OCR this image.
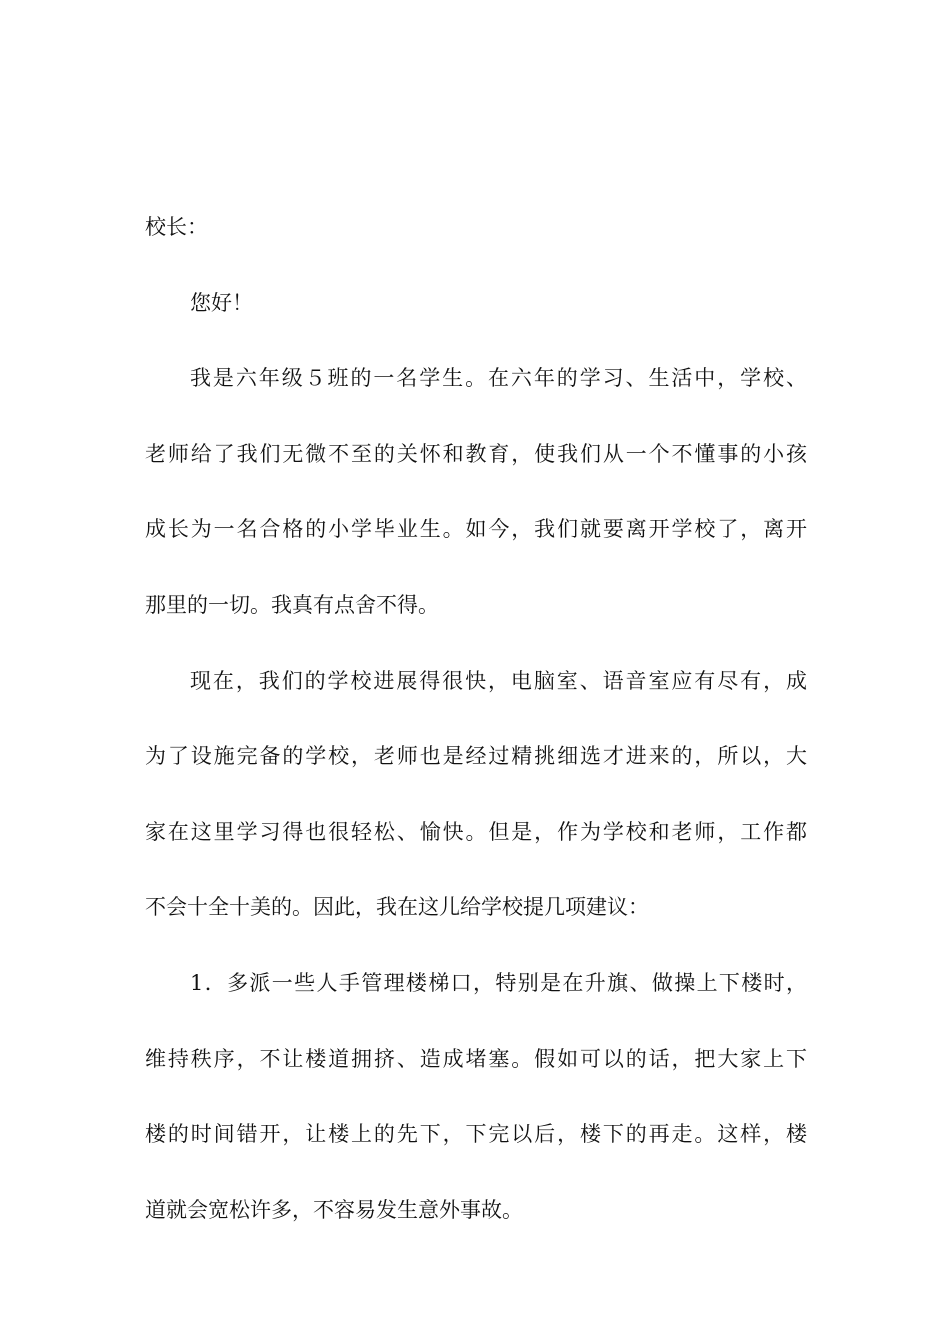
校长：
您好！
我是六年级５班的一名学生。在六年的学习、生活中，学校、
老师给了我们无微不至的关怀和教育，使我们从一个不懂事的小孩
成长为一名合格的小学毕业生。如今，我们就要离开学校了，离开
那里的一切。我真有点舍不得。
现在，我们的学校进展得很快，电脑室、语音室应有尽有，成
为了设施完备的学校，老师也是经过精挑细选才进来的，所以，大
家在这里学习得也很轻松、愉快。但是，作为学校和老师，工作都
不会十全十美的。因此，我在这儿给学校提几项建议：
1．多派一些人手管理楼梯口，特别是在升旗、做操上下楼时，
维持秩序，不让楼道拥挤、造成堵塞。假如可以的话，把大家上下
楼的时间错开，让楼上的先下，下完以后，楼下的再走。这样，楼
道就会宽松许多，不容易发生意外事故。
